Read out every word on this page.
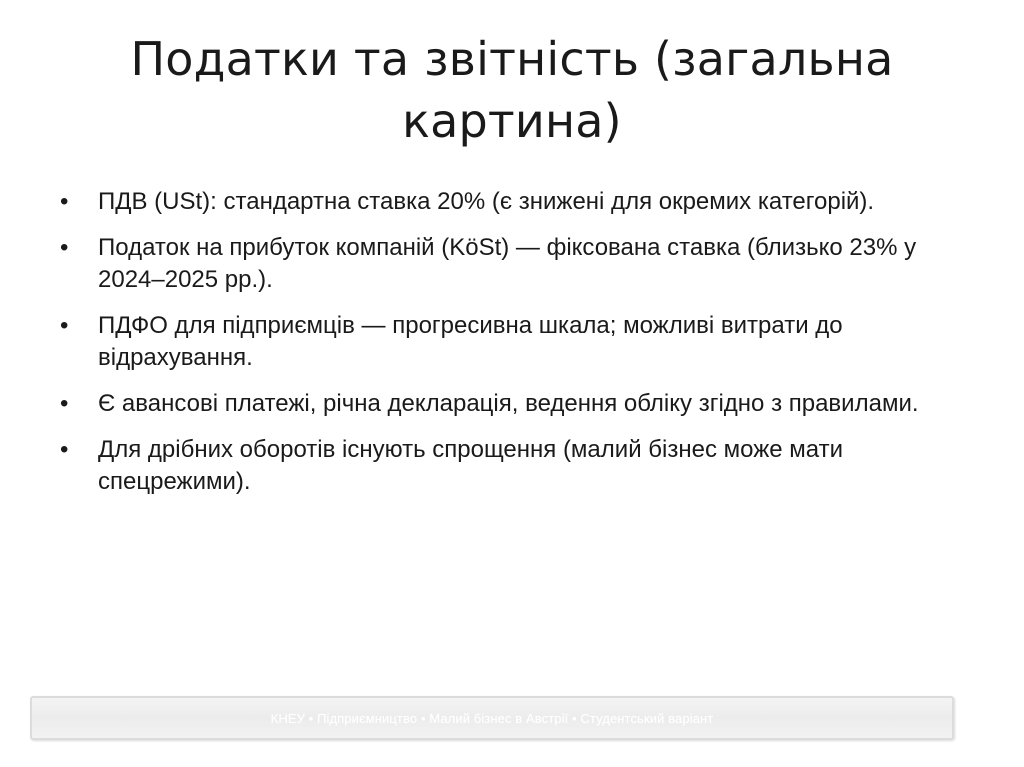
Податки та звітність (загальна картина)
•	ПДВ (USt): стандартна ставка 20% (є знижені для окремих категорій).
•	Податок на прибуток компаній (KöSt) — фіксована ставка (близько 23% у 2024–2025 рр.).
•	ПДФО для підприємців — прогресивна шкала; можливі витрати до відрахування.
•	Є авансові платежі, річна декларація, ведення обліку згідно з правилами.
•	Для дрібних оборотів існують спрощення (малий бізнес може мати спецрежими).
КНЕУ • Підприємництво • Малий бізнес в Австрії • Студентський варіант
